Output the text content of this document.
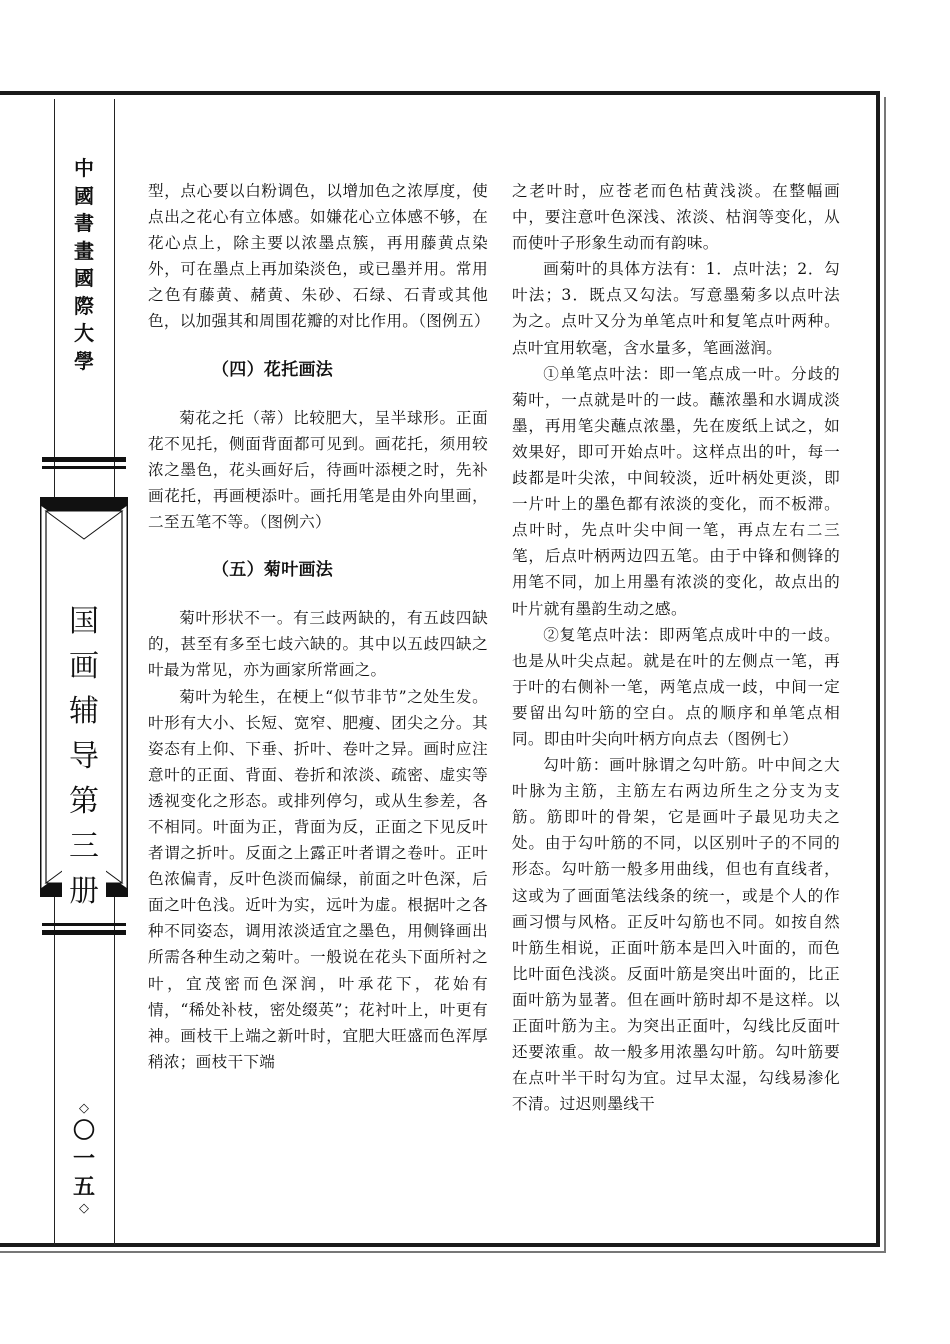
中國書畫國際大學
国画辅导第三册
◇
〇一五
◇

型，点心要以白粉调色，以增加色之浓厚度，使点出之花心有立体感。如嫌花心立体感不够，在花心点上，除主要以浓墨点簇，再用藤黄点染外，可在墨点上再加染淡色，或已墨并用。常用之色有藤黄、赭黄、朱砂、石绿、石青或其他色，以加强其和周围花瓣的对比作用。（图例五）

（四）花托画法

菊花之托（蒂）比较肥大，呈半球形。正面花不见托，侧面背面都可见到。画花托，须用较浓之墨色，花头画好后，待画叶添梗之时，先补画花托，再画梗添叶。画托用笔是由外向里画，二至五笔不等。（图例六）

（五）菊叶画法

菊叶形状不一。有三歧两缺的，有五歧四缺的，甚至有多至七歧六缺的。其中以五歧四缺之叶最为常见，亦为画家所常画之。

菊叶为轮生，在梗上“似节非节”之处生发。叶形有大小、长短、宽窄、肥瘦、团尖之分。其姿态有上仰、下垂、折叶、卷叶之异。画时应注意叶的正面、背面、卷折和浓淡、疏密、虚实等透视变化之形态。或排列停匀，或从生参差，各不相同。叶面为正，背面为反，正面之下见反叶者谓之折叶。反面之上露正叶者谓之卷叶。正叶色浓偏青，反叶色淡而偏绿，前面之叶色深，后面之叶色浅。近叶为实，远叶为虚。根据叶之各种不同姿态，调用浓淡适宜之墨色，用侧锋画出所需各种生动之菊叶。一般说在花头下面所衬之叶，宜茂密而色深润，叶承花下，花始有情，“稀处补枝，密处缀英”；花衬叶上，叶更有神。画枝干上端之新叶时，宜肥大旺盛而色浑厚稍浓；画枝干下端

之老叶时，应苍老而色枯黄浅淡。在整幅画中，要注意叶色深浅、浓淡、枯润等变化，从而使叶子形象生动而有韵味。

画菊叶的具体方法有：1．点叶法；2．勾叶法；3．既点又勾法。写意墨菊多以点叶法为之。点叶又分为单笔点叶和复笔点叶两种。点叶宜用软毫，含水量多，笔画滋润。

①单笔点叶法：即一笔点成一叶。分歧的菊叶，一点就是叶的一歧。蘸浓墨和水调成淡墨，再用笔尖蘸点浓墨，先在废纸上试之，如效果好，即可开始点叶。这样点出的叶，每一歧都是叶尖浓，中间较淡，近叶柄处更淡，即一片叶上的墨色都有浓淡的变化，而不板滞。点叶时，先点叶尖中间一笔，再点左右二三笔，后点叶柄两边四五笔。由于中锋和侧锋的用笔不同，加上用墨有浓淡的变化，故点出的叶片就有墨韵生动之感。

②复笔点叶法：即两笔点成叶中的一歧。也是从叶尖点起。就是在叶的左侧点一笔，再于叶的右侧补一笔，两笔点成一歧，中间一定要留出勾叶筋的空白。点的顺序和单笔点相同。即由叶尖向叶柄方向点去（图例七）

勾叶筋：画叶脉谓之勾叶筋。叶中间之大叶脉为主筋，主筋左右两边所生之分支为支筋。筋即叶的骨架，它是画叶子最见功夫之处。由于勾叶筋的不同，以区别叶子的不同的形态。勾叶筋一般多用曲线，但也有直线者，这或为了画面笔法线条的统一，或是个人的作画习惯与风格。正反叶勾筋也不同。如按自然叶筋生相说，正面叶筋本是凹入叶面的，而色比叶面色浅淡。反面叶筋是突出叶面的，比正面叶筋为显著。但在画叶筋时却不是这样。以正面叶筋为主。为突出正面叶，勾线比反面叶还要浓重。故一般多用浓墨勾叶筋。勾叶筋要在点叶半干时勾为宜。过早太湿，勾线易渗化不清。过迟则墨线干
